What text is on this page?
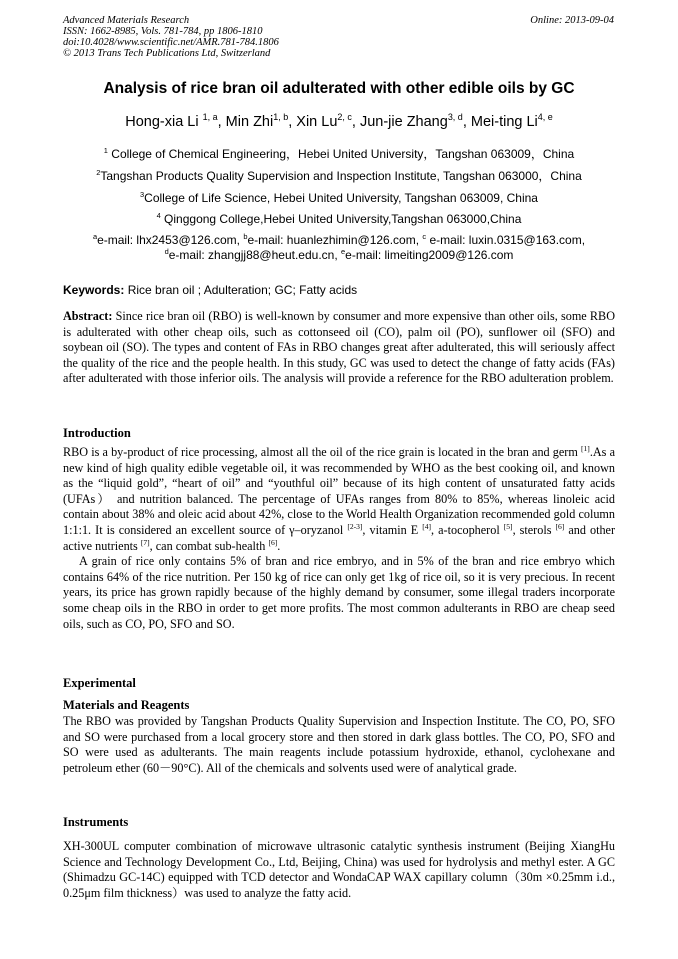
Advanced Materials Research
ISSN: 1662-8985, Vols. 781-784, pp 1806-1810
doi:10.4028/www.scientific.net/AMR.781-784.1806
© 2013 Trans Tech Publications Ltd, Switzerland
Online: 2013-09-04
Analysis of rice bran oil adulterated with other edible oils by GC
Hong-xia Li $^{1, a}$, Min Zhi$^{1, b}$, Xin Lu$^{2, c}$, Jun-jie Zhang$^{3, d}$, Mei-ting Li$^{4, e}$
$^1$ College of Chemical Engineering，Hebei United University，Tangshan 063009，China
$^2$Tangshan Products Quality Supervision and Inspection Institute, Tangshan 063000，China
$^3$College of Life Science, Hebei United University, Tangshan 063009, China
$^4$ Qinggong College,Hebei United University,Tangshan 063000,China
$^a$e-mail: lhx2453@126.com, $^b$e-mail: huanlezhimin@126.com, $^c$ e-mail: luxin.0315@163.com,
$^d$e-mail: zhangjj88@heut.edu.cn, $^e$e-mail: limeiting2009@126.com
Keywords: Rice bran oil ; Adulteration; GC; Fatty acids
Abstract: Since rice bran oil (RBO) is well-known by consumer and more expensive than other oils, some RBO is adulterated with other cheap oils, such as cottonseed oil (CO), palm oil (PO), sunflower oil (SFO) and soybean oil (SO). The types and content of FAs in RBO changes great after adulterated, this will seriously affect the quality of the rice and the people health. In this study, GC was used to detect the change of fatty acids (FAs) after adulterated with those inferior oils. The analysis will provide a reference for the RBO adulteration problem.
Introduction

RBO is a by-product of rice processing, almost all the oil of the rice grain is located in the bran and germ [1].As a new kind of high quality edible vegetable oil, it was recommended by WHO as the best cooking oil, and known as the “liquid gold”, “heart of oil” and “youthful oil” because of its high content of unsaturated fatty acids (UFAs） and nutrition balanced. The percentage of UFAs ranges from 80% to 85%, whereas linoleic acid contain about 38% and oleic acid about 42%, close to the World Health Organization recommended gold column 1:1:1. It is considered an excellent source of γ–oryzanol [2-3], vitamin E [4], a-tocopherol [5], sterols [6] and other active nutrients [7], can combat sub-health [6].

A grain of rice only contains 5% of bran and rice embryo, and in 5% of the bran and rice embryo which contains 64% of the rice nutrition. Per 150 kg of rice can only get 1kg of rice oil, so it is very precious. In recent years, its price has grown rapidly because of the highly demand by consumer, some illegal traders incorporate some cheap oils in the RBO in order to get more profits. The most common adulterants in RBO are cheap seed oils, such as CO, PO, SFO and SO.

Experimental
Materials and Reagents
The RBO was provided by Tangshan Products Quality Supervision and Inspection Institute. The CO, PO, SFO and SO were purchased from a local grocery store and then stored in dark glass bottles. The CO, PO, SFO and SO were used as adulterants. The main reagents include potassium hydroxide, ethanol, cyclohexane and petroleum ether (60－90°C). All of the chemicals and solvents used were of analytical grade.
Instruments
XH-300UL computer combination of microwave ultrasonic catalytic synthesis instrument (Beijing XiangHu Science and Technology Development Co., Ltd, Beijing, China) was used for hydrolysis and methyl ester. A GC (Shimadzu GC-14C) equipped with TCD detector and WondaCAP WAX capillary column（30m ×0.25mm i.d., 0.25μm film thickness）was used to analyze the fatty acid.
